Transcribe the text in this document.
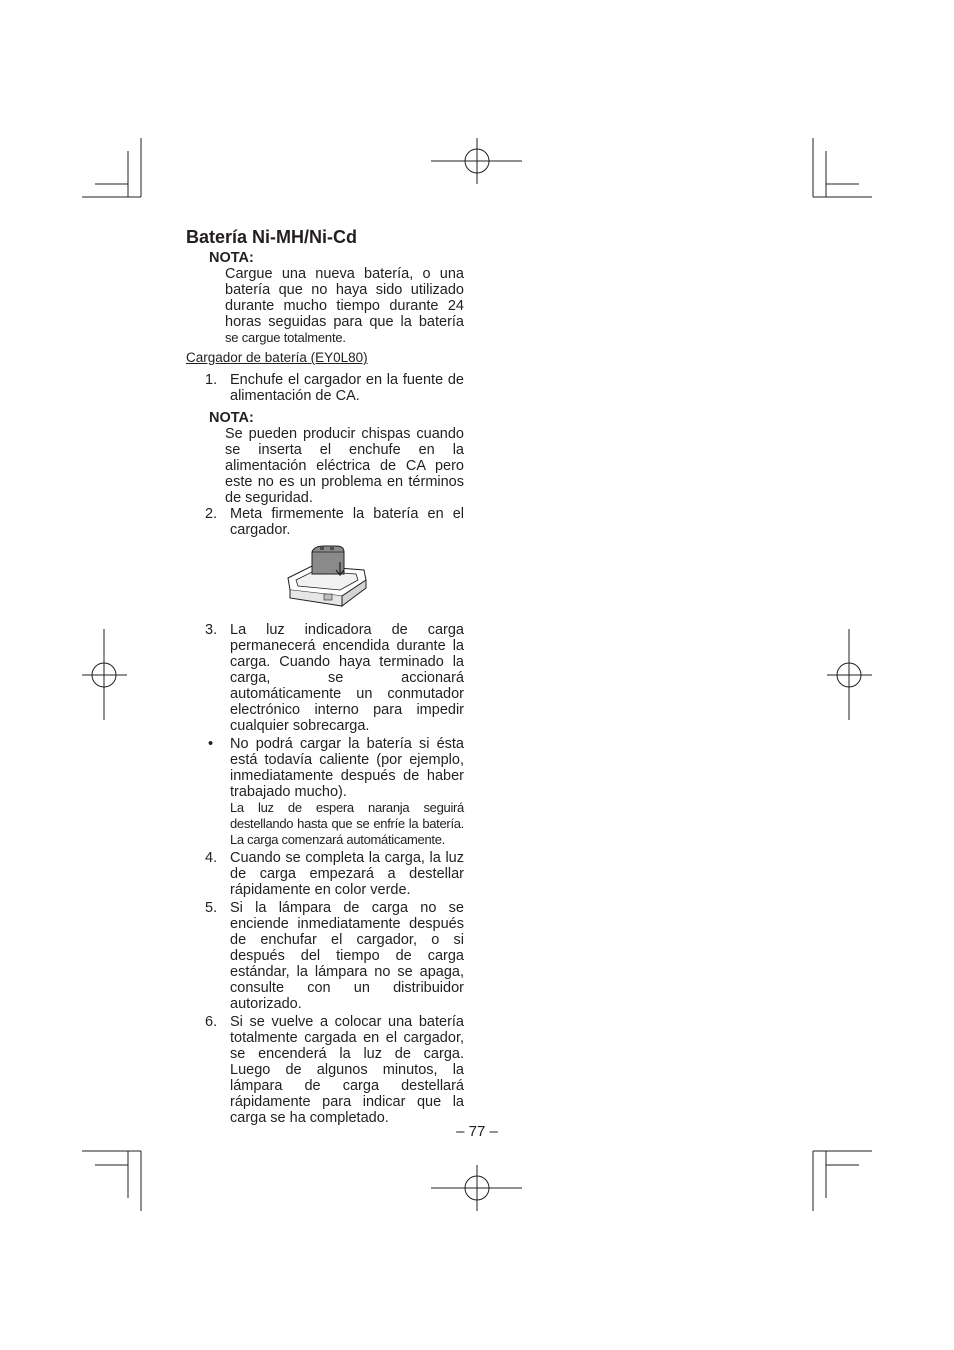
Batería Ni-MH/Ni-Cd
NOTA:
Cargue una nueva batería, o una batería que no haya sido utilizado durante mucho tiempo durante 24 horas seguidas para que la batería se cargue totalmente.
Cargador de batería (EY0L80)
1. Enchufe el cargador en la fuente de alimentación de CA.
NOTA:
Se pueden producir chispas cuando se inserta el enchufe en la alimentación eléctrica de CA pero este no es un problema en términos de seguridad.
2. Meta firmemente la batería en el cargador.
3. La luz indicadora de carga permanecerá encendida durante la carga. Cuando haya terminado la carga, se accionará automáticamente un conmutador electrónico interno para impedir cualquier sobrecarga.
•	No podrá cargar la batería si ésta está todavía caliente (por ejemplo, inmediatamente después de haber trabajado mucho).
La luz de espera naranja seguirá destellando hasta que se enfríe la batería. La carga comenzará automáticamente.
4. Cuando se completa la carga, la luz de carga empezará a destellar rápidamente en color verde.
5. Si la lámpara de carga no se enciende inmediatamente después de enchufar el cargador, o si después del tiempo de carga estándar, la lámpara no se apaga, consulte con un distribuidor autorizado.
6. Si se vuelve a colocar una batería totalmente cargada en el cargador, se encenderá la luz de carga. Luego de algunos minutos, la lámpara de carga destellará rápidamente para indicar que la carga se ha completado.
– 77 –
